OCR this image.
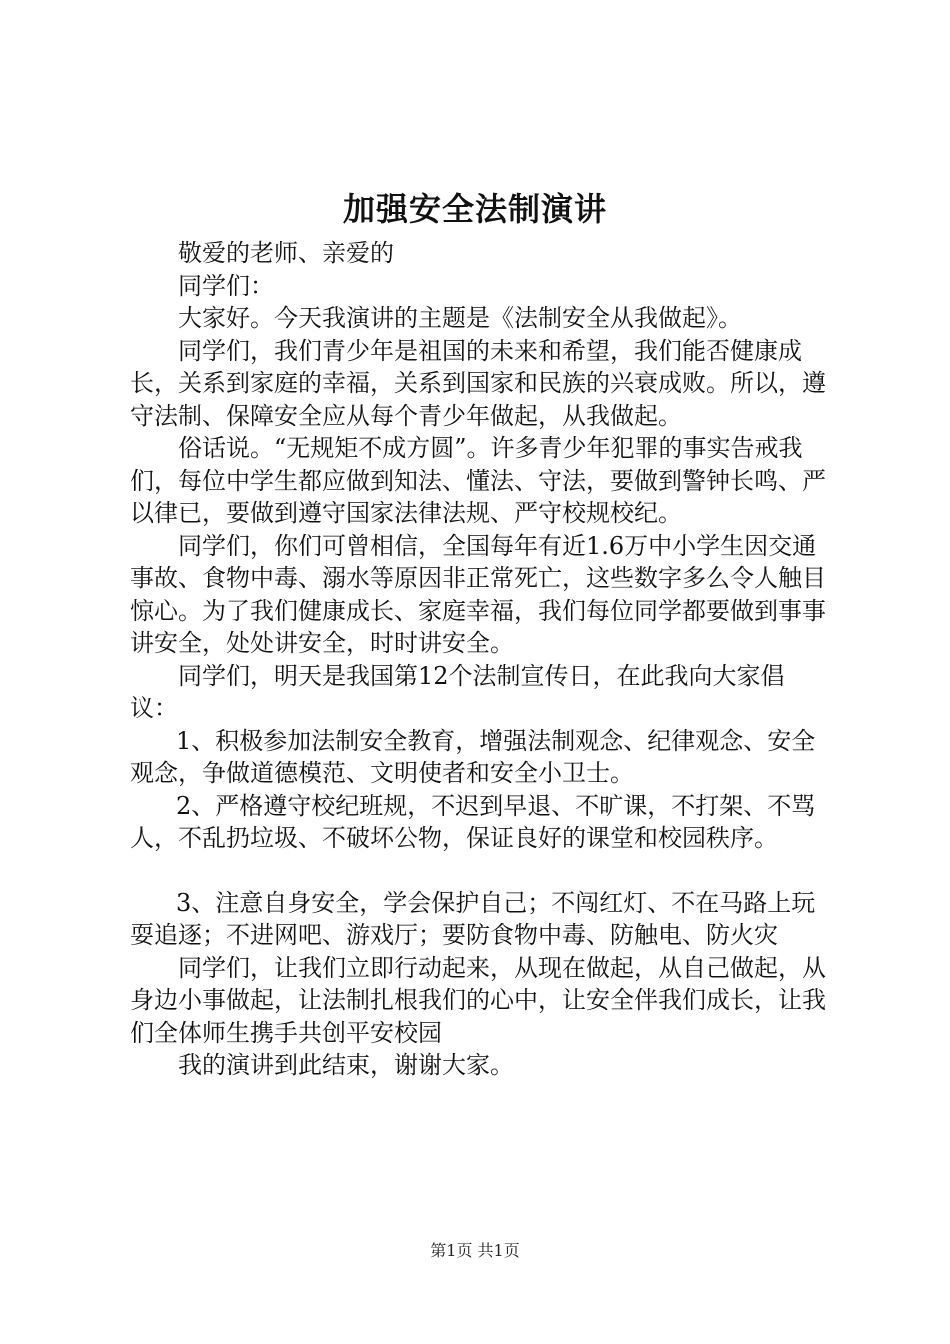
加强安全法制演讲

敬爱的老师、亲爱的

同学们：

大家好。今天我演讲的主题是《法制安全从我做起》。

同学们，我们青少年是祖国的未来和希望，我们能否健康成长，关系到家庭的幸福，关系到国家和民族的兴衰成败。所以，遵守法制、保障安全应从每个青少年做起，从我做起。

俗话说。“无规矩不成方圆”。许多青少年犯罪的事实告戒我们，每位中学生都应做到知法、懂法、守法，要做到警钟长鸣、严以律已，要做到遵守国家法律法规、严守校规校纪。

同学们，你们可曾相信，全国每年有近1.6万中小学生因交通事故、食物中毒、溺水等原因非正常死亡，这些数字多么令人触目惊心。为了我们健康成长、家庭幸福，我们每位同学都要做到事事讲安全，处处讲安全，时时讲安全。

同学们，明天是我国第12个法制宣传日，在此我向大家倡议：

1、积极参加法制安全教育，增强法制观念、纪律观念、安全观念，争做道德模范、文明使者和安全小卫士。

2、严格遵守校纪班规，不迟到早退、不旷课，不打架、不骂人，不乱扔垃圾、不破坏公物，保证良好的课堂和校园秩序。

3、注意自身安全，学会保护自己；不闯红灯、不在马路上玩耍追逐；不进网吧、游戏厅；要防食物中毒、防触电、防火灾

同学们，让我们立即行动起来，从现在做起，从自己做起，从身边小事做起，让法制扎根我们的心中，让安全伴我们成长，让我们全体师生携手共创平安校园

我的演讲到此结束，谢谢大家。

第1页 共1页
